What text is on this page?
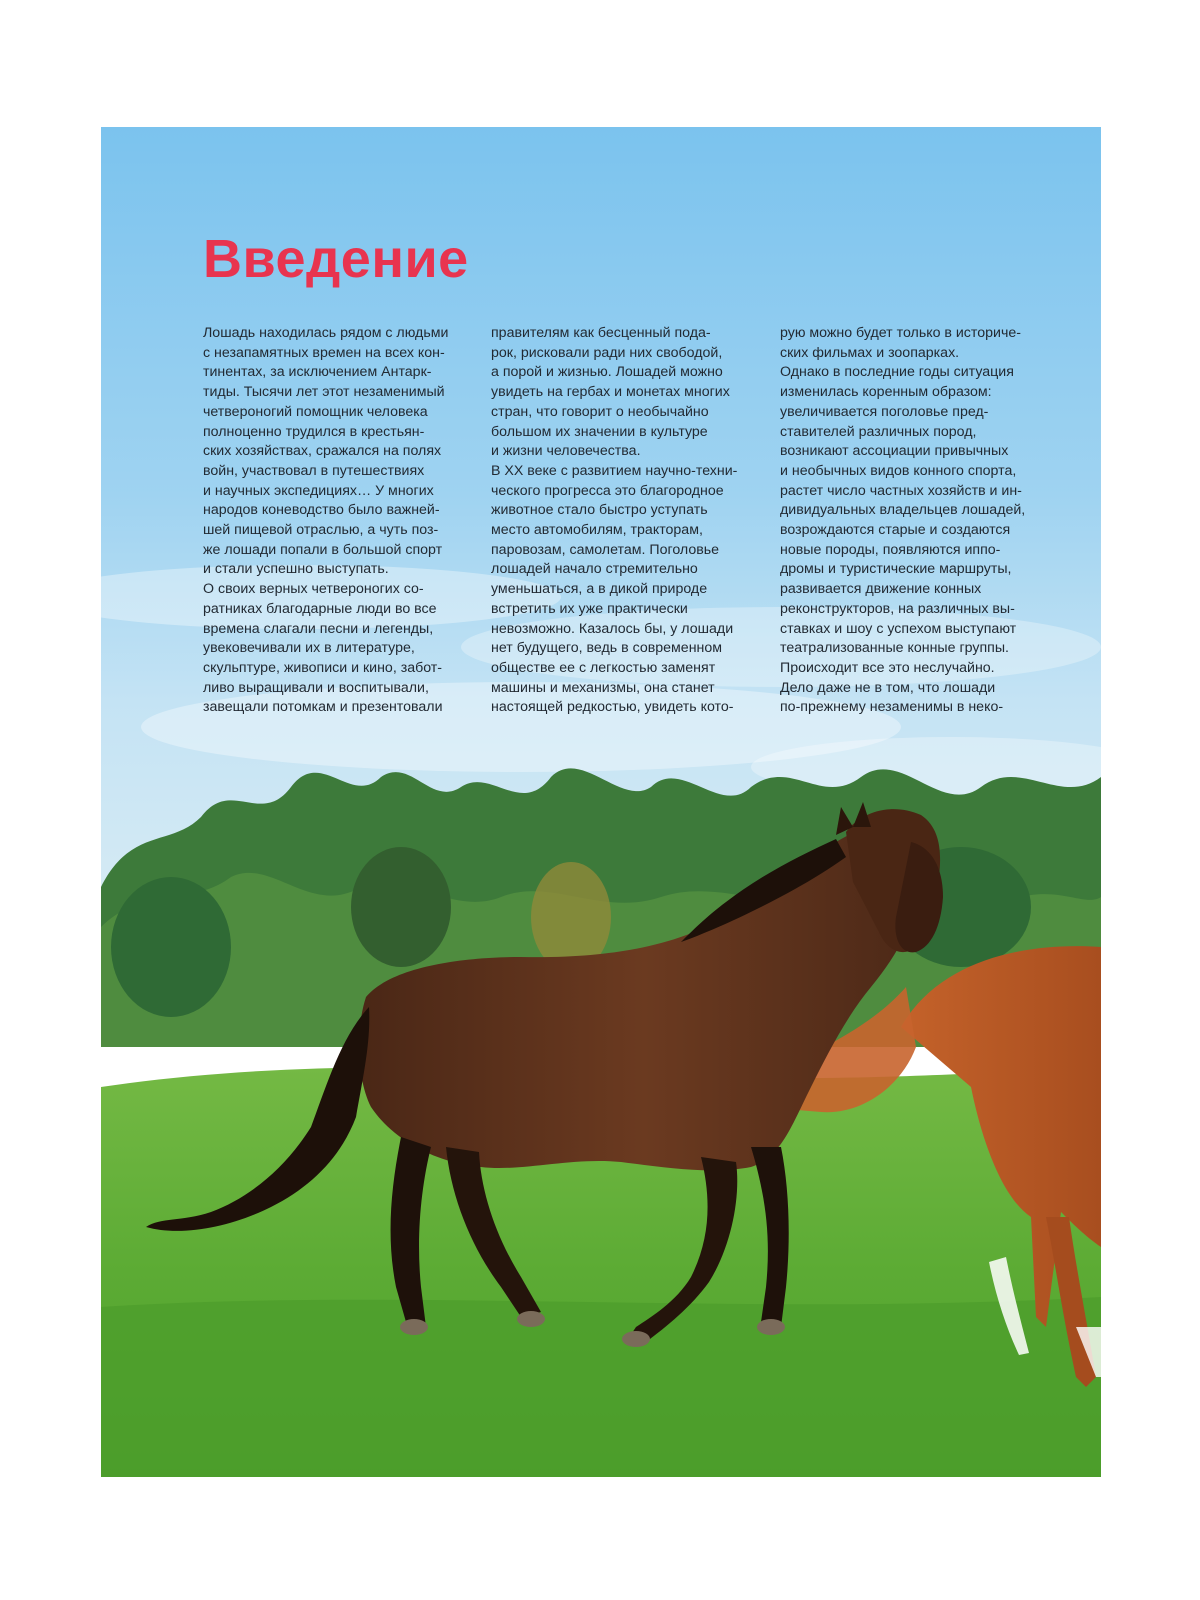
Введение
Лошадь находилась рядом с людьми
с незапамятных времен на всех кон-
тинентах, за исключением Антарк-
тиды. Тысячи лет этот незаменимый
четвероногий помощник человека
полноценно трудился в крестьян-
ских хозяйствах, сражался на полях
войн, участвовал в путешествиях
и научных экспедициях… У многих
народов коневодство было важней-
шей пищевой отраслью, а чуть поз-
же лошади попали в большой спорт
и стали успешно выступать.
О своих верных четвероногих со-
ратниках благодарные люди во все
времена слагали песни и легенды,
увековечивали их в литературе,
скульптуре, живописи и кино, забот-
ливо выращивали и воспитывали,
завещали потомкам и презентовали
правителям как бесценный пода-
рок, рисковали ради них свободой,
а порой и жизнью. Лошадей можно
увидеть на гербах и монетах многих
стран, что говорит о необычайно
большом их значении в культуре
и жизни человечества.
В XX веке с развитием научно-техни-
ческого прогресса это благородное
животное стало быстро уступать
место автомобилям, тракторам,
паровозам, самолетам. Поголовье
лошадей начало стремительно
уменьшаться, а в дикой природе
встретить их уже практически
невозможно. Казалось бы, у лошади
нет будущего, ведь в современном
обществе ее с легкостью заменят
машины и механизмы, она станет
настоящей редкостью, увидеть кото-
рую можно будет только в историче-
ских фильмах и зоопарках.
Однако в последние годы ситуация
изменилась коренным образом:
увеличивается поголовье пред-
ставителей различных пород,
возникают ассоциации привычных
и необычных видов конного спорта,
растет число частных хозяйств и ин-
дивидуальных владельцев лошадей,
возрождаются старые и создаются
новые породы, появляются иппо-
дромы и туристические маршруты,
развивается движение конных
реконструкторов, на различных вы-
ставках и шоу с успехом выступают
театрализованные конные группы.
Происходит все это неслучайно.
Дело даже не в том, что лошади
по-прежнему незаменимы в неко-
